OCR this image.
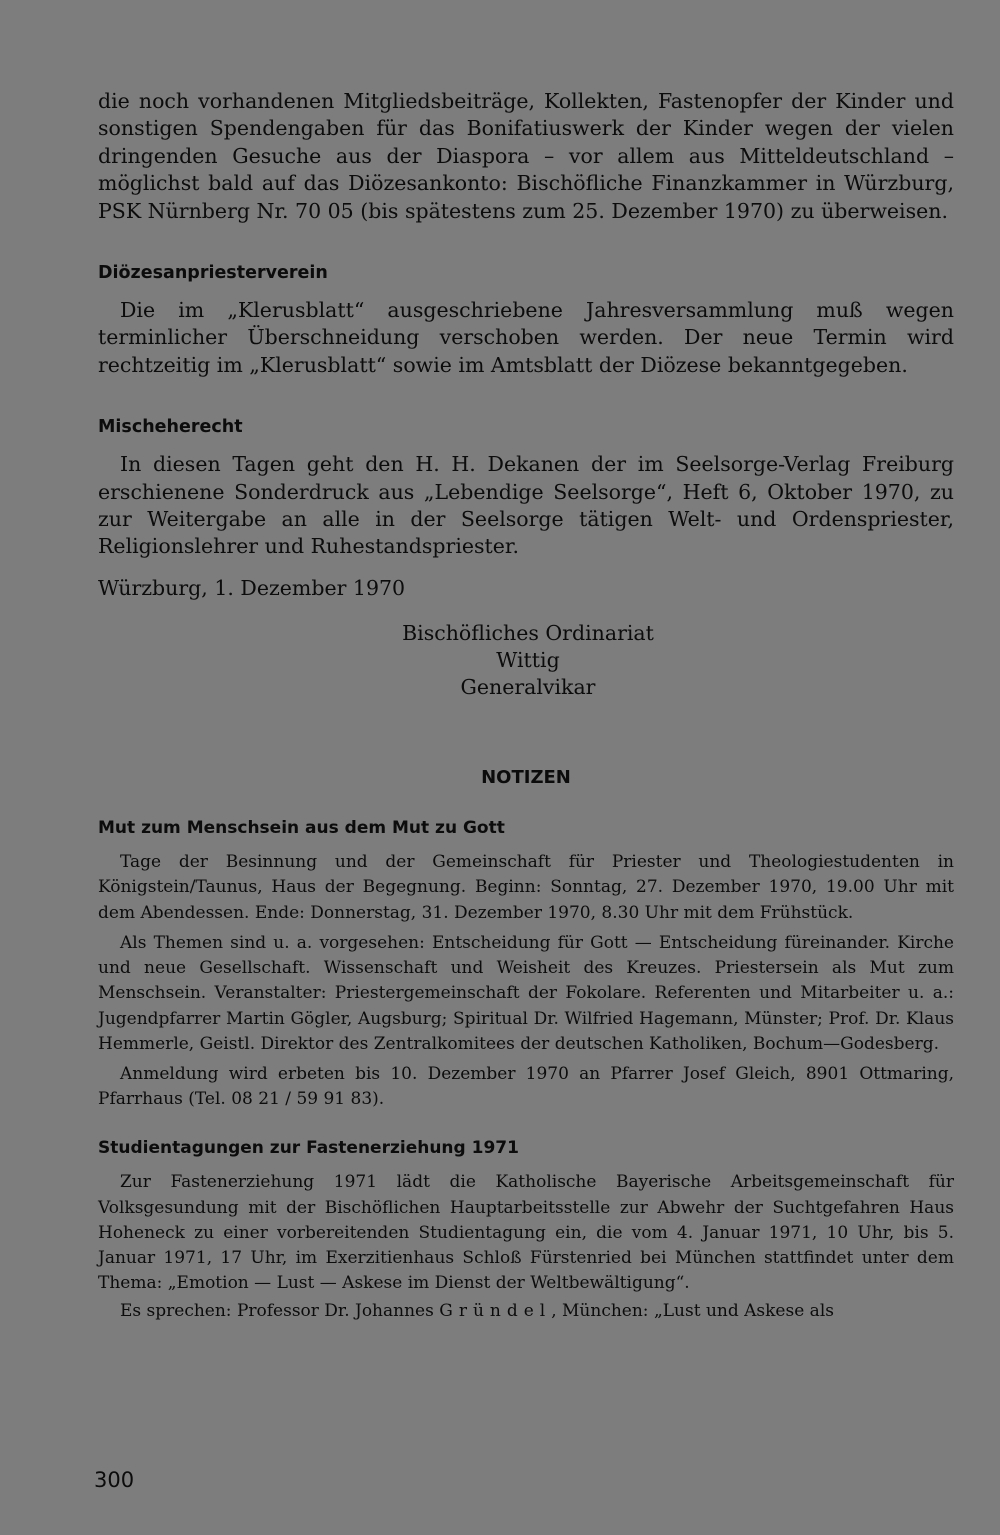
die noch vorhandenen Mitgliedsbeiträge, Kollekten, Fastenopfer der Kinder und sonstigen Spendengaben für das Bonifatiuswerk der Kinder wegen der vielen dringenden Gesuche aus der Diaspora – vor allem aus Mitteldeutschland – möglichst bald auf das Diözesankonto: Bischöfliche Finanzkammer in Würzburg, PSK Nürnberg Nr. 70 05 (bis spätestens zum 25. Dezember 1970) zu überweisen.

Diözesanpriesterverein

Die im „Klerusblatt“ ausgeschriebene Jahresversammlung muß wegen terminlicher Überschneidung verschoben werden. Der neue Termin wird rechtzeitig im „Klerusblatt“ sowie im Amtsblatt der Diözese bekanntgegeben.

Mischeherecht

In diesen Tagen geht den H. H. Dekanen der im Seelsorge-Verlag Freiburg erschienene Sonderdruck aus „Lebendige Seelsorge“, Heft 6, Oktober 1970, zu zur Weitergabe an alle in der Seelsorge tätigen Welt- und Ordenspriester, Religionslehrer und Ruhestandspriester.

Würzburg, 1. Dezember 1970

Bischöfliches Ordinariat
Wittig
Generalvikar
NOTIZEN
Mut zum Menschsein aus dem Mut zu Gott

Tage der Besinnung und der Gemeinschaft für Priester und Theologiestudenten in Königstein/Taunus, Haus der Begegnung. Beginn: Sonntag, 27. Dezember 1970, 19.00 Uhr mit dem Abendessen. Ende: Donnerstag, 31. Dezember 1970, 8.30 Uhr mit dem Frühstück.

Als Themen sind u. a. vorgesehen: Entscheidung für Gott — Entscheidung füreinander. Kirche und neue Gesellschaft. Wissenschaft und Weisheit des Kreuzes. Priestersein als Mut zum Menschsein. Veranstalter: Priestergemeinschaft der Fokolare. Referenten und Mitarbeiter u. a.: Jugendpfarrer Martin Gögler, Augsburg; Spiritual Dr. Wilfried Hagemann, Münster; Prof. Dr. Klaus Hemmerle, Geistl. Direktor des Zentralkomitees der deutschen Katholiken, Bochum—Godesberg.

Anmeldung wird erbeten bis 10. Dezember 1970 an Pfarrer Josef Gleich, 8901 Ottmaring, Pfarrhaus (Tel. 08 21 / 59 91 83).

Studientagungen zur Fastenerziehung 1971

Zur Fastenerziehung 1971 lädt die Katholische Bayerische Arbeitsgemeinschaft für Volksgesundung mit der Bischöflichen Hauptarbeitsstelle zur Abwehr der Suchtgefahren Haus Hoheneck zu einer vorbereitenden Studientagung ein, die vom 4. Januar 1971, 10 Uhr, bis 5. Januar 1971, 17 Uhr, im Exerzitienhaus Schloß Fürstenried bei München stattfindet unter dem Thema: „Emotion — Lust — Askese im Dienst der Weltbewältigung“.

Es sprechen: Professor Dr. Johannes Gründel, München: „Lust und Askese als

300
